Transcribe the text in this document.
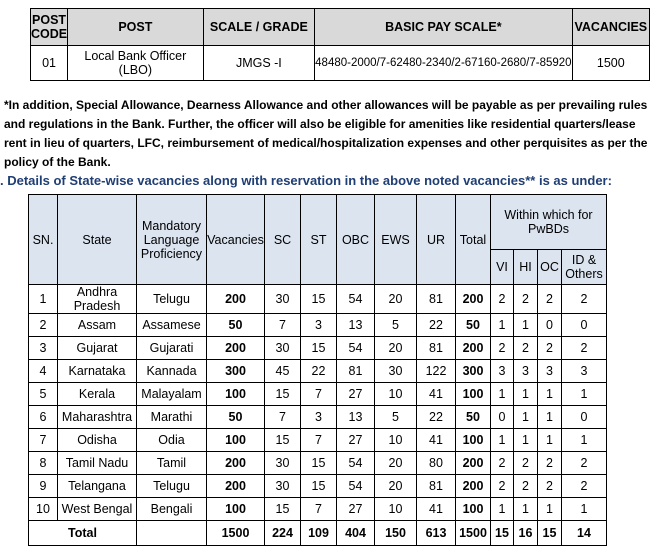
POST CODE	POST	SCALE / GRADE	BASIC PAY SCALE*	VACANCIES
01	Local Bank Officer (LBO)	JMGS -I	48480-2000/7-62480-2340/2-67160-2680/7-85920	1500
*In addition, Special Allowance, Dearness Allowance and other allowances will be payable as per prevailing rules and regulations in the Bank. Further, the officer will also be eligible for amenities like residential quarters/lease rent in lieu of quarters, LFC, reimbursement of medical/hospitalization expenses and other perquisites as per the policy of the Bank.
. Details of State-wise vacancies along with reservation in the above noted vacancies** is as under:
SN.	State	Mandatory Language Proficiency	Vacancies	SC	ST	OBC	EWS	UR	Total	Within which for PwBDs			
										VI	HI	OC	ID & Others
1	Andhra Pradesh	Telugu	200	30	15	54	20	81	200	2	2	2	2
2	Assam	Assamese	50	7	3	13	5	22	50	1	1	0	0
3	Gujarat	Gujarati	200	30	15	54	20	81	200	2	2	2	2
4	Karnataka	Kannada	300	45	22	81	30	122	300	3	3	3	3
5	Kerala	Malayalam	100	15	7	27	10	41	100	1	1	1	1
6	Maharashtra	Marathi	50	7	3	13	5	22	50	0	1	1	0
7	Odisha	Odia	100	15	7	27	10	41	100	1	1	1	1
8	Tamil Nadu	Tamil	200	30	15	54	20	80	200	2	2	2	2
9	Telangana	Telugu	200	30	15	54	20	81	200	2	2	2	2
10	West Bengal	Bengali	100	15	7	27	10	41	100	1	1	1	1
Total			1500	224	109	404	150	613	1500	15	16	15	14
